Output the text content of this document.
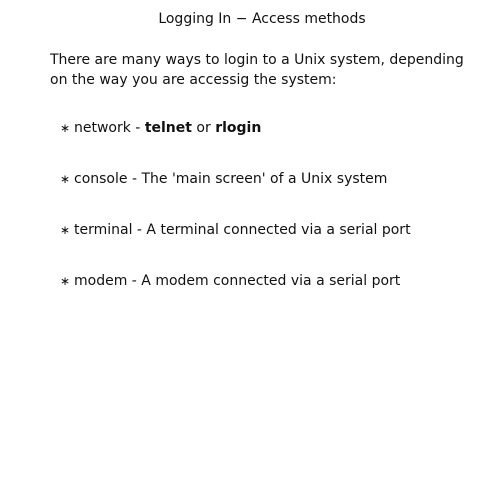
Logging In − Access methods
There are many ways to login to a Unix system, depending
on the way you are accessig the system:
∗ network - telnet or rlogin
∗ console - The 'main screen' of a Unix system
∗ terminal - A terminal connected via a serial port
∗ modem - A modem connected via a serial port
